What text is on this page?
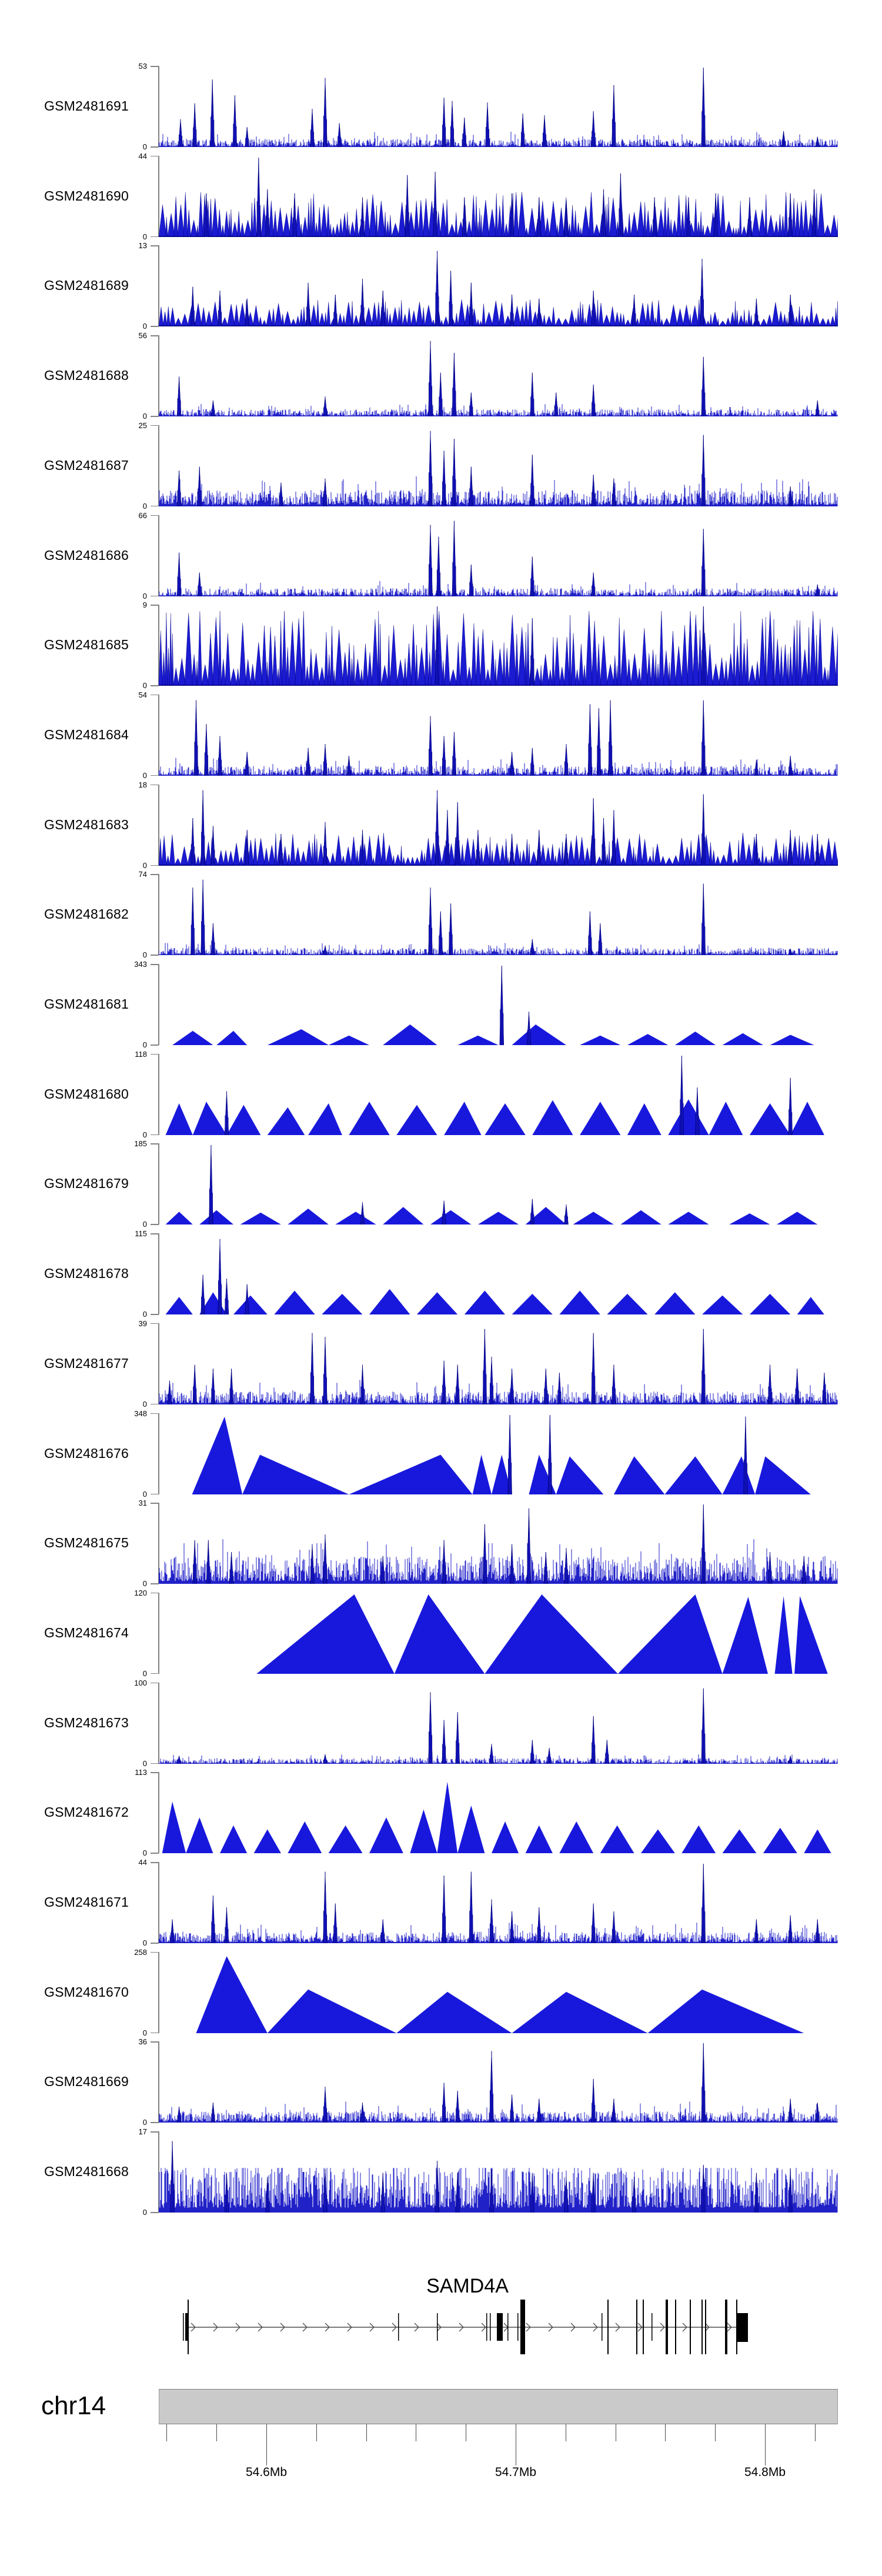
GSM2481691
53
0
GSM2481690
44
0
GSM2481689
13
0
GSM2481688
56
0
GSM2481687
25
0
GSM2481686
66
0
GSM2481685
9
0
GSM2481684
54
0
GSM2481683
18
0
GSM2481682
74
0
GSM2481681
343
0
GSM2481680
118
0
GSM2481679
185
0
GSM2481678
115
0
GSM2481677
39
0
GSM2481676
348
0
GSM2481675
31
0
GSM2481674
120
0
GSM2481673
100
0
GSM2481672
113
0
GSM2481671
44
0
GSM2481670
258
0
GSM2481669
36
0
GSM2481668
17
0
SAMD4A
chr14
54.6Mb	54.7Mb	54.8Mb
